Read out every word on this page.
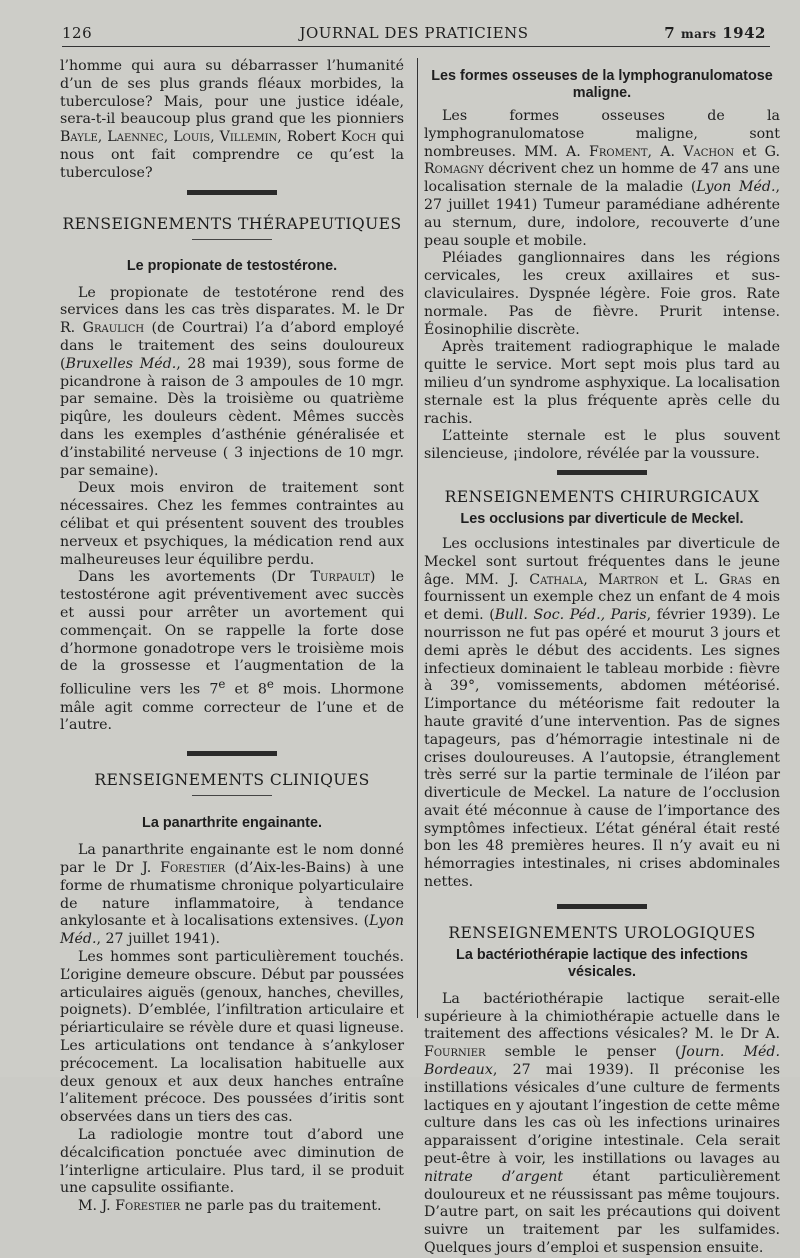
126	JOURNAL DES PRATICIENS	7 mars 1942

l’homme qui aura su débarrasser l’humanité d’un de ses plus grands fléaux morbides, la tuberculose? Mais, pour une justice idéale, sera-t-il beaucoup plus grand que les pionniers Bayle, Laennec, Louis, Villemin, Robert Koch qui nous ont fait comprendre ce qu’est la tuberculose?

RENSEIGNEMENTS THÉRAPEUTIQUES
Le propionate de testostérone.

Le propionate de testotérone rend des services dans les cas très disparates. M. le Dr R. Graulich (de Courtrai) l’a d’abord employé dans le traitement des seins douloureux (Bruxelles Méd., 28 mai 1939), sous forme de picandrone à raison de 3 ampoules de 10 mgr. par semaine. Dès la troisième ou quatrième piqûre, les douleurs cèdent. Mêmes succès dans les exemples d’asthénie généralisée et d’instabilité nerveuse ( 3 injections de 10 mgr. par semaine).

Deux mois environ de traitement sont nécessaires. Chez les femmes contraintes au célibat et qui présentent souvent des troubles nerveux et psychiques, la médication rend aux malheureuses leur équilibre perdu.

Dans les avortements (Dr Turpault) le testostérone agit préventivement avec succès et aussi pour arrêter un avortement qui commençait. On se rappelle la forte dose d’hormone gonadotrope vers le troisième mois de la grossesse et l’augmentation de la folliculine vers les 7e et 8e mois. Lhormone mâle agit comme correcteur de l’une et de l’autre.

RENSEIGNEMENTS CLINIQUES
La panarthrite engainante.

La panarthrite engainante est le nom donné par le Dr J. Forestier (d’Aix-les-Bains) à une forme de rhumatisme chronique polyarticulaire de nature inflammatoire, à tendance ankylosante et à localisations extensives. (Lyon Méd., 27 juillet 1941).

Les hommes sont particulièrement touchés. L’origine demeure obscure. Début par poussées articulaires aiguës (genoux, hanches, chevilles, poignets). D’emblée, l’infiltration articulaire et périarticulaire se révèle dure et quasi ligneuse. Les articulations ont tendance à s’ankyloser précocement. La localisation habituelle aux deux genoux et aux deux hanches entraîne l’alitement précoce. Des poussées d’iritis sont observées dans un tiers des cas.

La radiologie montre tout d’abord une décalcification ponctuée avec diminution de l’interligne articulaire. Plus tard, il se produit une capsulite ossifiante.

M. J. Forestier ne parle pas du traitement.

Les formes osseuses de la lymphogranulomatose maligne.

Les formes osseuses de la lymphogranulomatose maligne, sont nombreuses. MM. A. Froment, A. Vachon et G. Romagny décrivent chez un homme de 47 ans une localisation sternale de la maladie (Lyon Méd., 27 juillet 1941) Tumeur paramédiane adhérente au sternum, dure, indolore, recouverte d’une peau souple et mobile.

Pléiades ganglionnaires dans les régions cervicales, les creux axillaires et sus-claviculaires. Dyspnée légère. Foie gros. Rate normale. Pas de fièvre. Prurit intense. Éosinophilie discrète.

Après traitement radiographique le malade quitte le service. Mort sept mois plus tard au milieu d’un syndrome asphyxique. La localisation sternale est la plus fréquente après celle du rachis.

L’atteinte sternale est le plus souvent silencieuse, ¡indolore, révélée par la voussure.

RENSEIGNEMENTS CHIRURGICAUX
Les occlusions par diverticule de Meckel.

Les occlusions intestinales par diverticule de Meckel sont surtout fréquentes dans le jeune âge. MM. J. Cathala, Martron et L. Gras en fournissent un exemple chez un enfant de 4 mois et demi. (Bull. Soc. Péd., Paris, février 1939). Le nourrisson ne fut pas opéré et mourut 3 jours et demi après le début des accidents. Les signes infectieux dominaient le tableau morbide : fièvre à 39°, vomissements, abdomen météorisé. L’importance du météorisme fait redouter la haute gravité d’une intervention. Pas de signes tapageurs, pas d’hémorragie intestinale ni de crises douloureuses. A l’autopsie, étranglement très serré sur la partie terminale de l’iléon par diverticule de Meckel. La nature de l’occlusion avait été méconnue à cause de l’importance des symptômes infectieux. L’état général était resté bon les 48 premières heures. Il n’y avait eu ni hémorragies intestinales, ni crises abdominales nettes.

RENSEIGNEMENTS UROLOGIQUES
La bactériothérapie lactique des infections vésicales.

La bactériothérapie lactique serait-elle supérieure à la chimiothérapie actuelle dans le traitement des affections vésicales? M. le Dr A. Fournier semble le penser (Journ. Méd. Bordeaux, 27 mai 1939). Il préconise les instillations vésicales d’une culture de ferments lactiques en y ajoutant l’ingestion de cette même culture dans les cas où les infections urinaires apparaissent d’origine intestinale. Cela serait peut-être à voir, les instillations ou lavages au nitrate d’argent étant particulièrement douloureux et ne réussissant pas même toujours. D’autre part, on sait les précautions qui doivent suivre un traitement par les sulfamides. Quelques jours d’emploi et suspension ensuite.
